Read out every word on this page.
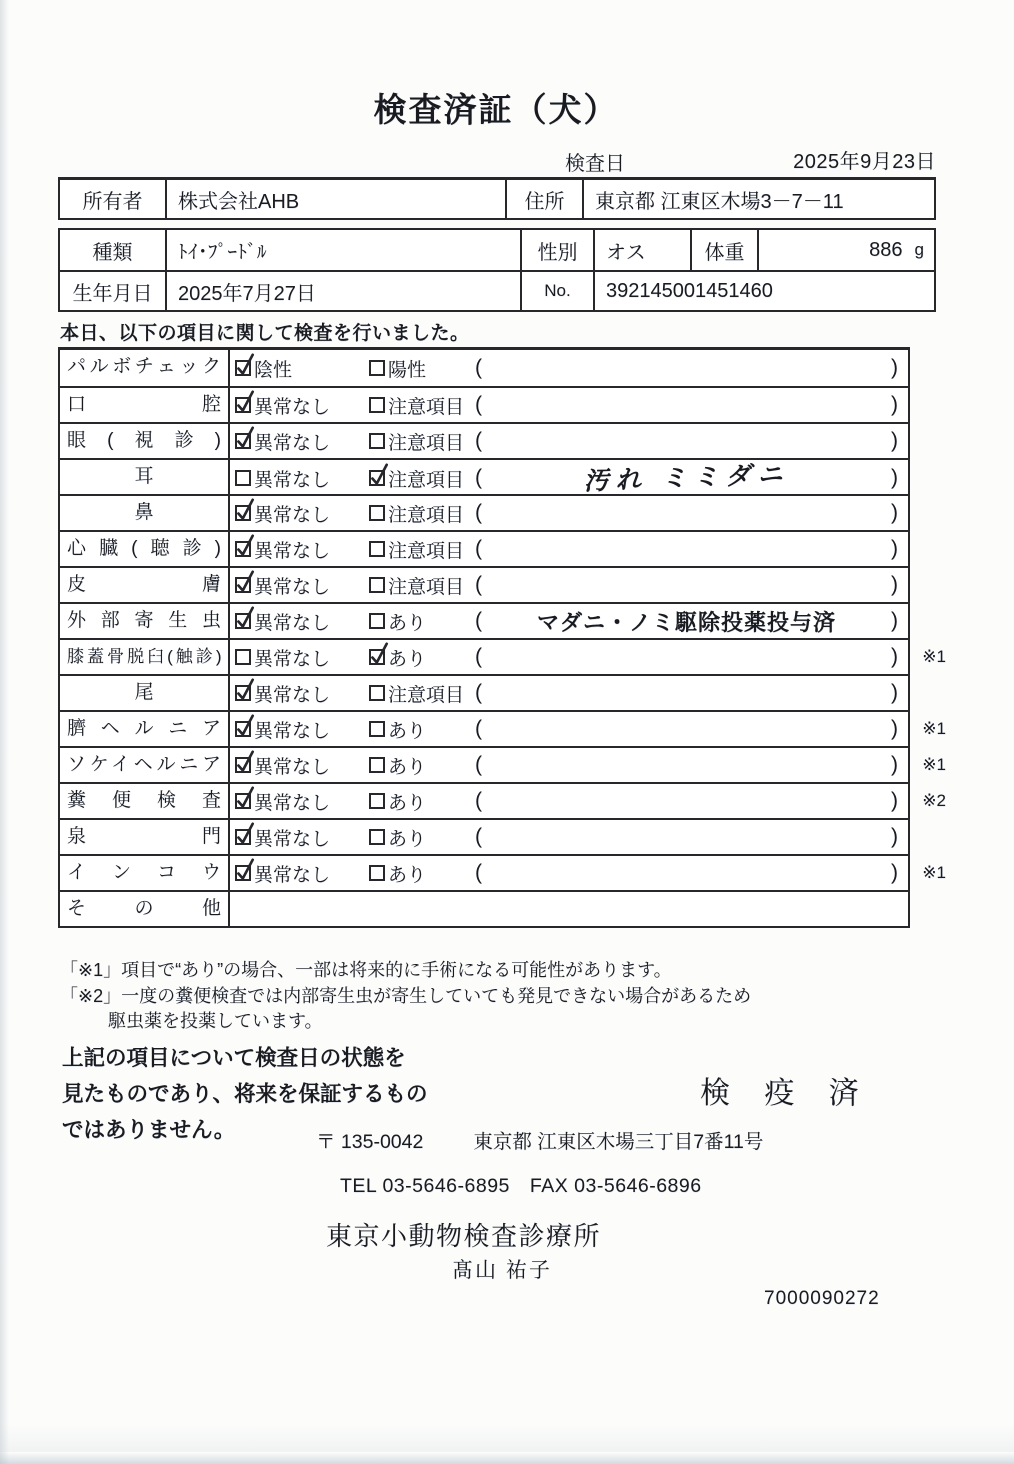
検査済証（犬）
検査日	2025年9月23日
所有者	株式会社AHB	住所	東京都 江東区木場3－7－11
種類	ﾄｲ･ﾌﾟｰﾄﾞﾙ	性別	オス	体重	886 g
生年月日	2025年7月27日	No.	392145001451460
本日、以下の項目に関して検査を行いました。
パルボチェック	陰性	陽性 (	)
口腔	異常なし	注意項目 (	)
眼(視診)	異常なし	注意項目 (	)
耳	異常なし	注意項目 (	汚れ ミミダニ	)
鼻	異常なし	注意項目 (	)
心臓(聴診)	異常なし	注意項目 (	)
皮膚	異常なし	注意項目 (	)
外部寄生虫	異常なし	あり (	マダニ・ノミ駆除投薬投与済	)
膝蓋骨脱臼(触診)	異常なし	あり (	) ※1
尾	異常なし	注意項目 (	)
臍ヘルニア	異常なし	あり (	) ※1
ソケイヘルニア	異常なし	あり (	) ※1
糞便検査	異常なし	あり (	) ※2
泉門	異常なし	あり (	)
インコウ	異常なし	あり (	) ※1
その他
「※1」項目で“あり”の場合、一部は将来的に手術になる可能性があります。
「※2」一度の糞便検査では内部寄生虫が寄生していても発見できない場合があるため
駆虫薬を投薬しています。
上記の項目について検査日の状態を
見たものであり、将来を保証するもの
ではありません。
検 疫 済
〒 135-0042	東京都 江東区木場三丁目7番11号
TEL 03-5646-6895　FAX 03-5646-6896
東京小動物検査診療所
髙山 祐子
7000090272
